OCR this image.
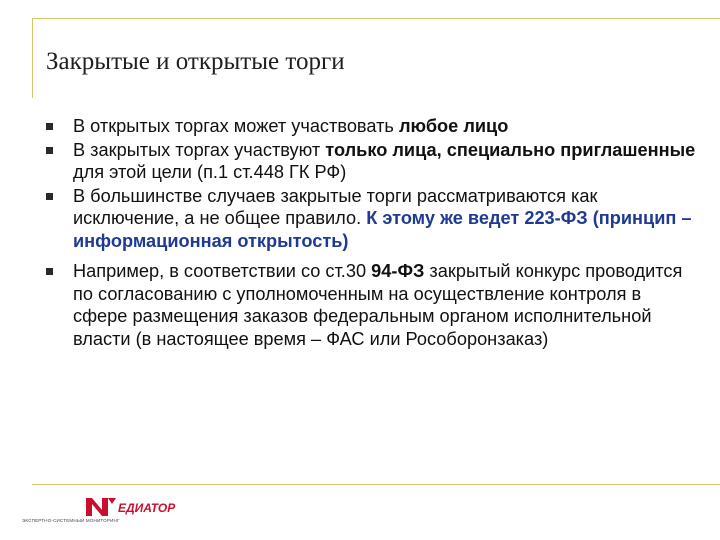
Закрытые и открытые торги
В открытых торгах может участвовать любое лицо
В закрытых торгах участвуют только лица, специально приглашенные для этой цели (п.1 ст.448 ГК РФ)
В большинстве случаев закрытые торги рассматриваются как исключение, а не общее правило. К этому же ведет 223-ФЗ (принцип – информационная открытость)
Например, в соответствии со ст.30 94-ФЗ закрытый конкурс проводится по согласованию с уполномоченным на осуществление контроля в сфере размещения заказов федеральным органом исполнительной власти (в настоящее время – ФАС или Рособоронзаказ)
ЕДИАТОР
ЭКСПЕРТНО-СИСТЕМНЫЙ МОНИТОРИНГ
